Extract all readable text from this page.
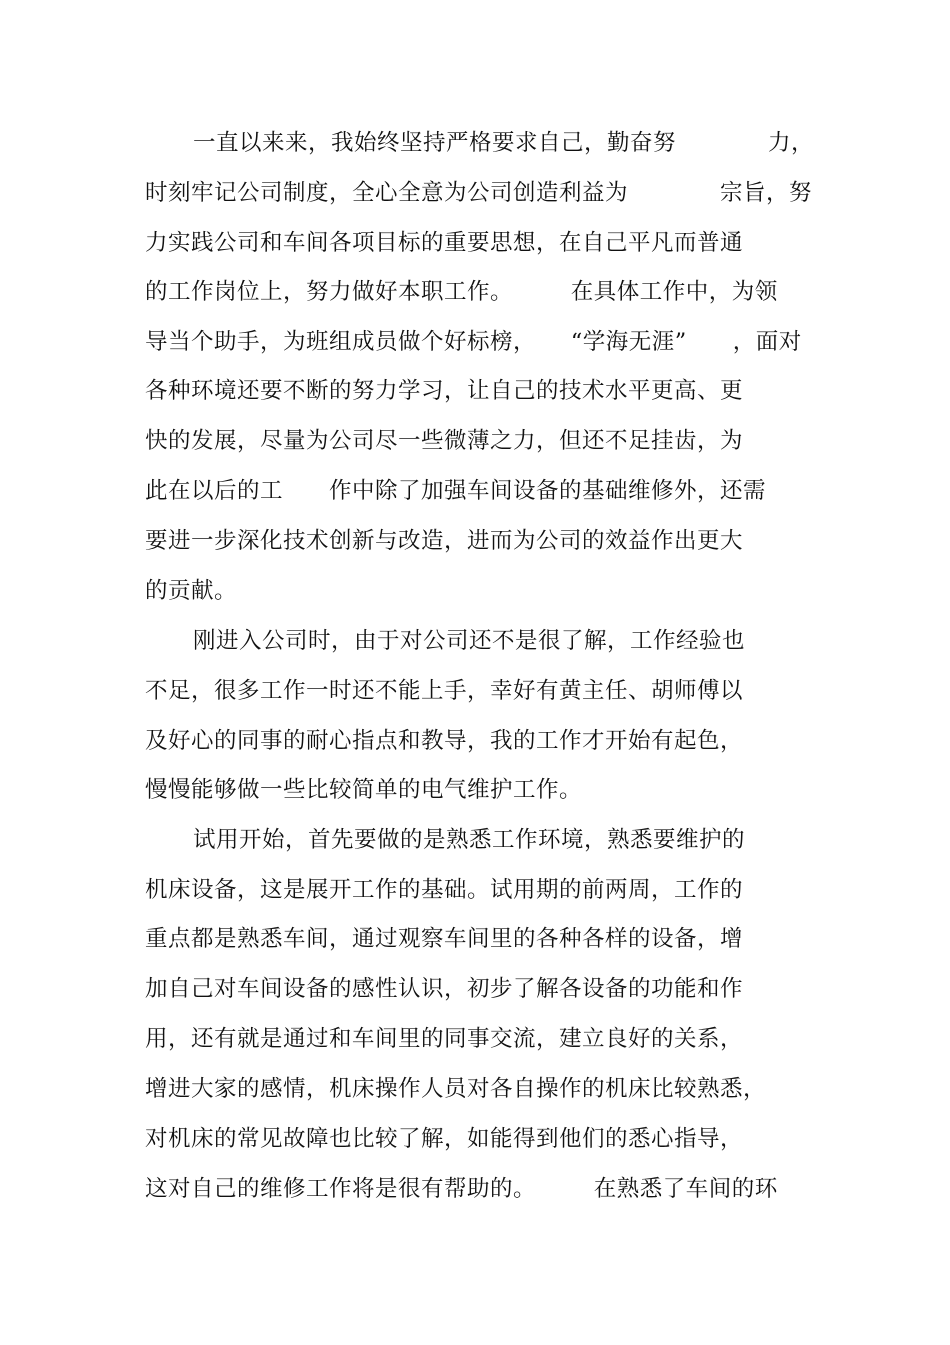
一直以来来，我始终坚持严格要求自己，勤奋努　　　　力，
时刻牢记公司制度，全心全意为公司创造利益为　　　　宗旨，努
力实践公司和车间各项目标的重要思想，在自己平凡而普通
的工作岗位上，努力做好本职工作。　　　在具体工作中，为领
导当个助手，为班组成员做个好标榜，　　“学海无涯”　　，面对
各种环境还要不断的努力学习，让自己的技术水平更高、更
快的发展，尽量为公司尽一些微薄之力，但还不足挂齿，为
此在以后的工　　作中除了加强车间设备的基础维修外，还需
要进一步深化技术创新与改造，进而为公司的效益作出更大
的贡献。
刚进入公司时，由于对公司还不是很了解，工作经验也
不足，很多工作一时还不能上手，幸好有黄主任、胡师傅以
及好心的同事的耐心指点和教导，我的工作才开始有起色，
慢慢能够做一些比较简单的电气维护工作。
试用开始，首先要做的是熟悉工作环境，熟悉要维护的
机床设备，这是展开工作的基础。试用期的前两周，工作的
重点都是熟悉车间，通过观察车间里的各种各样的设备，增
加自己对车间设备的感性认识，初步了解各设备的功能和作
用，还有就是通过和车间里的同事交流，建立良好的关系，
增进大家的感情，机床操作人员对各自操作的机床比较熟悉，
对机床的常见故障也比较了解，如能得到他们的悉心指导，
这对自己的维修工作将是很有帮助的。　　　在熟悉了车间的环
